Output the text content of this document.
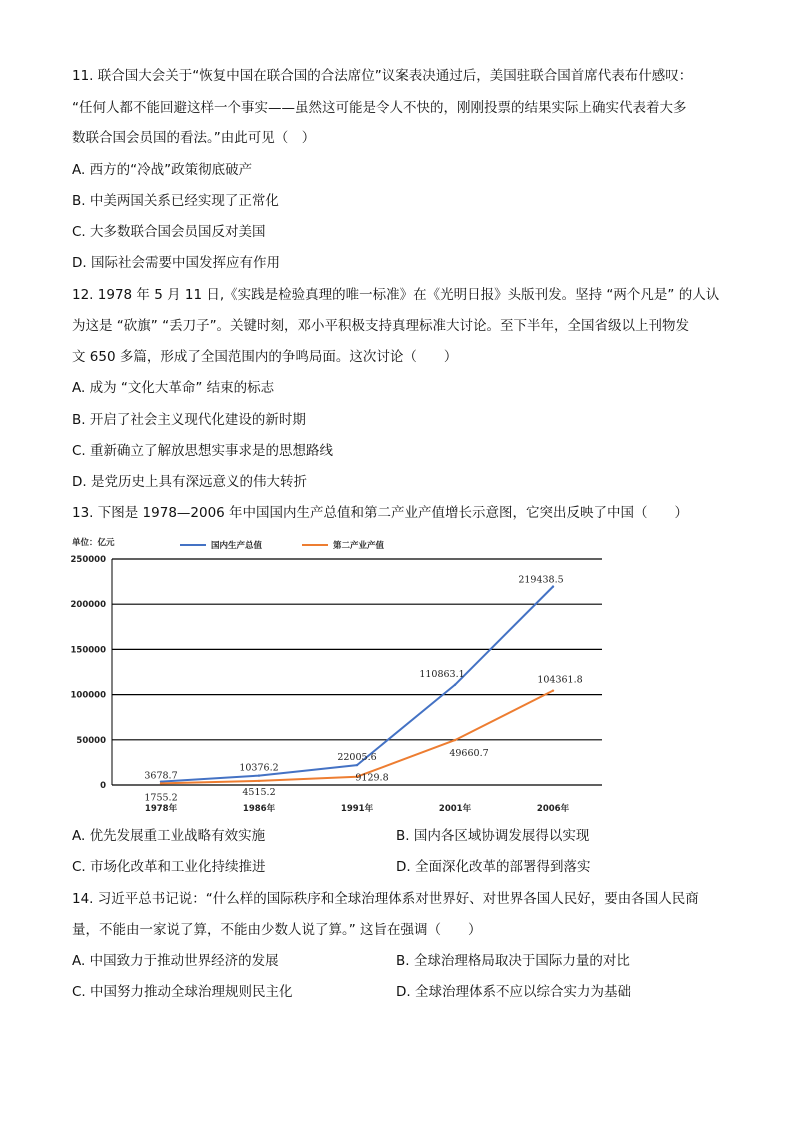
11. 联合国大会关于“恢复中国在联合国的合法席位”议案表决通过后，美国驻联合国首席代表布什感叹：
“任何人都不能回避这样一个事实——虽然这可能是令人不快的，刚刚投票的结果实际上确实代表着大多
数联合国会员国的看法。”由此可见（　）
A. 西方的“冷战”政策彻底破产
B. 中美两国关系已经实现了正常化
C. 大多数联合国会员国反对美国
D. 国际社会需要中国发挥应有作用
12. 1978 年 5 月 11 日,《实践是检验真理的唯一标准》在《光明日报》头版刊发。坚持 “两个凡是” 的人认
为这是 “砍旗” “丢刀子”。关键时刻，邓小平积极支持真理标准大讨论。至下半年，全国省级以上刊物发
文 650 多篇，形成了全国范围内的争鸣局面。这次讨论（　　）
A. 成为 “文化大革命” 结束的标志
B. 开启了社会主义现代化建设的新时期
C. 重新确立了解放思想实事求是的思想路线
D. 是党历史上具有深远意义的伟大转折
13. 下图是 1978—2006 年中国国内生产总值和第二产业产值增长示意图，它突出反映了中国（　　）
单位：亿元	国内生产总值	第二产业产值
0
50000
100000
150000
200000
250000
1978年	1986年	1991年	2001年	2006年
3678.7
10376.2
22005.6
110863.1
219438.5
1755.2	4515.2
9129.8
49660.7
104361.8
A. 优先发展重工业战略有效实施	B. 国内各区域协调发展得以实现
C. 市场化改革和工业化持续推进	D. 全面深化改革的部署得到落实
14. 习近平总书记说：“什么样的国际秩序和全球治理体系对世界好、对世界各国人民好，要由各国人民商
量，不能由一家说了算，不能由少数人说了算。” 这旨在强调（　　）
A. 中国致力于推动世界经济的发展	B. 全球治理格局取决于国际力量的对比
C. 中国努力推动全球治理规则民主化	D. 全球治理体系不应以综合实力为基础
